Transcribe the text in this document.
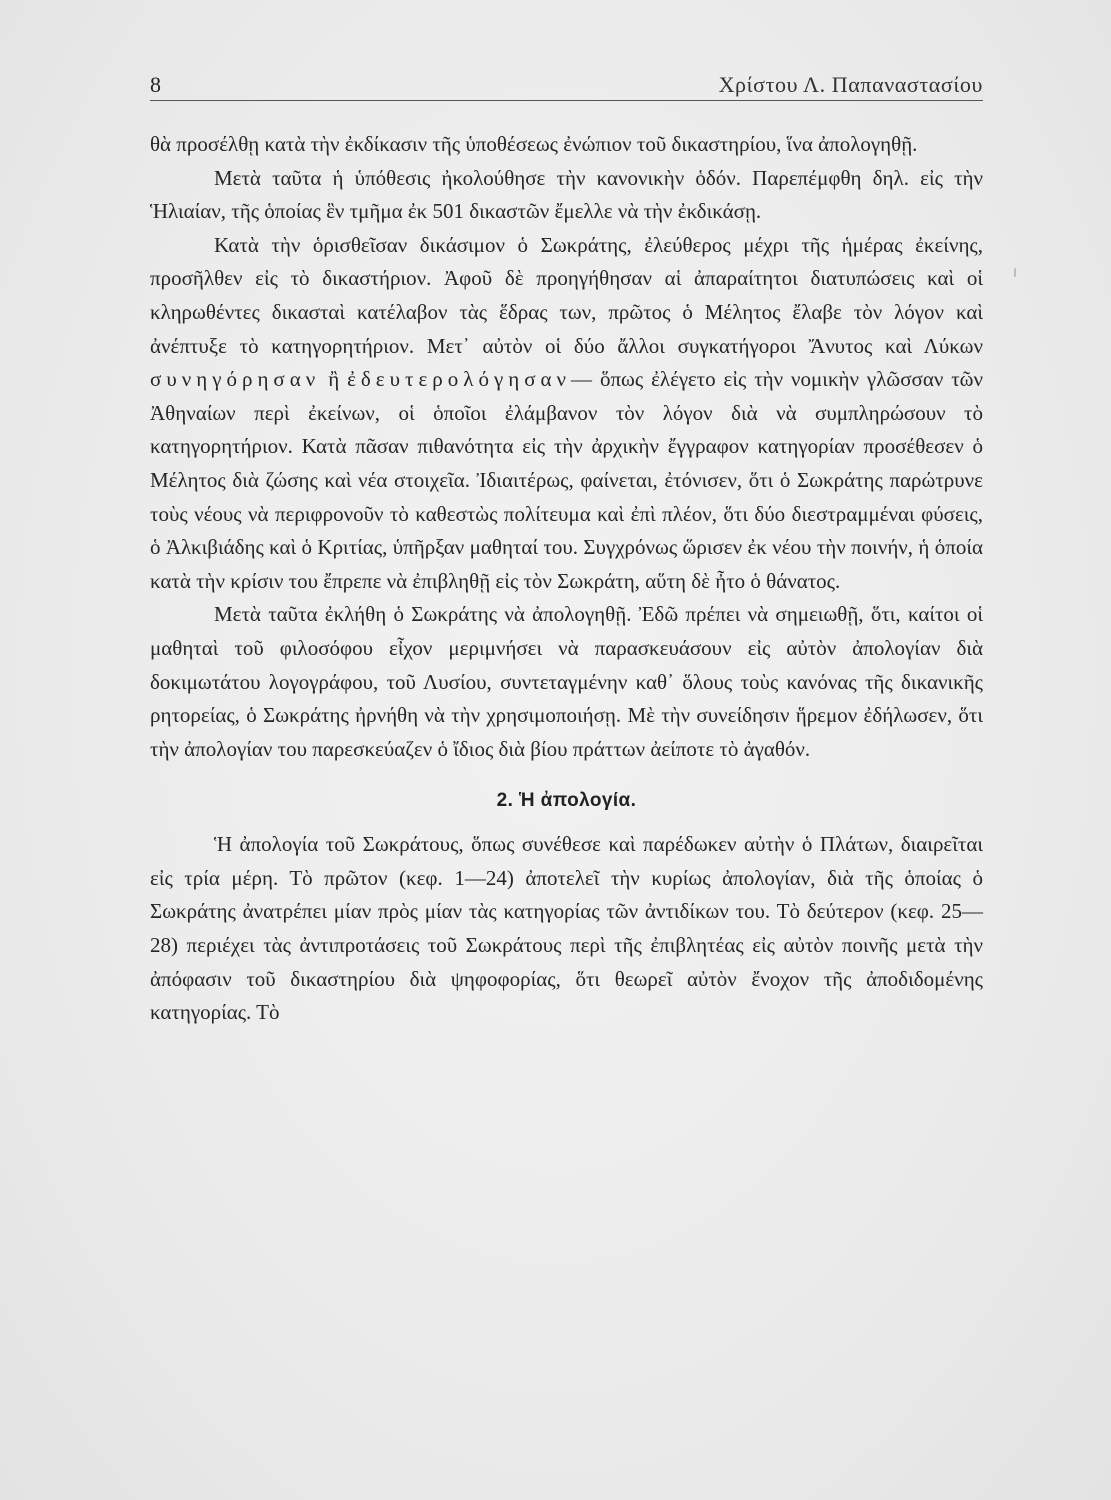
8	Χρίστου Λ. Παπαναστασίου

θὰ προσέλθῃ κατὰ τὴν ἐκδίκασιν τῆς ὑποθέσεως ἐνώπιον τοῦ δικαστηρίου, ἵνα ἀπολογηθῇ.

Μετὰ ταῦτα ἡ ὑπόθεσις ἠκολούθησε τὴν κανονικὴν ὁδόν. Παρεπέμφθη δηλ. εἰς τὴν Ἡλιαίαν, τῆς ὁποίας ἓν τμῆμα ἐκ 501 δικαστῶν ἔμελλε νὰ τὴν ἐκδικάσῃ.

Κατὰ τὴν ὁρισθεῖσαν δικάσιμον ὁ Σωκράτης, ἐλεύθερος μέχρι τῆς ἡμέρας ἐκείνης, προσῆλθεν εἰς τὸ δικαστήριον. Ἀφοῦ δὲ προηγήθησαν αἱ ἀπαραίτητοι διατυπώσεις καὶ οἱ κληρωθέντες δικασταὶ κατέλαβον τὰς ἕδρας των, πρῶτος ὁ Μέλητος ἔλαβε τὸν λόγον καὶ ἀνέπτυξε τὸ κατηγορητήριον. Μετ᾿ αὐτὸν οἱ δύο ἄλλοι συγκατήγοροι Ἄνυτος καὶ Λύκων συνηγόρησαν ἢ ἐδευτερολόγησαν— ὅπως ἐλέγετο εἰς τὴν νομικὴν γλῶσσαν τῶν Ἀθηναίων περὶ ἐκείνων, οἱ ὁποῖοι ἐλάμβανον τὸν λόγον διὰ νὰ συμπληρώσουν τὸ κατηγορητήριον. Κατὰ πᾶσαν πιθανότητα εἰς τὴν ἀρχικὴν ἔγγραφον κατηγορίαν προσέθεσεν ὁ Μέλητος διὰ ζώσης καὶ νέα στοιχεῖα. Ἰδιαιτέρως, φαίνεται, ἐτόνισεν, ὅτι ὁ Σωκράτης παρώτρυνε τοὺς νέους νὰ περιφρονοῦν τὸ καθεστὼς πολίτευμα καὶ ἐπὶ πλέον, ὅτι δύο διεστραμμέναι φύσεις, ὁ Ἀλκιβιάδης καὶ ὁ Κριτίας, ὑπῆρξαν μαθηταί του. Συγχρόνως ὥρισεν ἐκ νέου τὴν ποινήν, ἡ ὁποία κατὰ τὴν κρίσιν του ἔπρεπε νὰ ἐπιβληθῇ εἰς τὸν Σωκράτη, αὕτη δὲ ἦτο ὁ θάνατος.

Μετὰ ταῦτα ἐκλήθη ὁ Σωκράτης νὰ ἀπολογηθῇ. Ἐδῶ πρέπει νὰ σημειωθῇ, ὅτι, καίτοι οἱ μαθηταὶ τοῦ φιλοσόφου εἶχον μεριμνήσει νὰ παρασκευάσουν εἰς αὐτὸν ἀπολογίαν διὰ δοκιμωτάτου λογογράφου, τοῦ Λυσίου, συντεταγμένην καθ᾿ ὅλους τοὺς κανόνας τῆς δικανικῆς ρητορείας, ὁ Σωκράτης ἠρνήθη νὰ τὴν χρησιμοποιήσῃ. Μὲ τὴν συνείδησιν ἥρεμον ἐδήλωσεν, ὅτι τὴν ἀπολογίαν του παρεσκεύαζεν ὁ ἴδιος διὰ βίου πράττων ἀείποτε τὸ ἀγαθόν.

2. Ἡ ἀπολογία.

Ἡ ἀπολογία τοῦ Σωκράτους, ὅπως συνέθεσε καὶ παρέδωκεν αὐτὴν ὁ Πλάτων, διαιρεῖται εἰς τρία μέρη. Τὸ πρῶτον (κεφ. 1—24) ἀποτελεῖ τὴν κυρίως ἀπολογίαν, διὰ τῆς ὁποίας ὁ Σωκράτης ἀνατρέπει μίαν πρὸς μίαν τὰς κατηγορίας τῶν ἀντιδίκων του. Τὸ δεύτερον (κεφ. 25—28) περιέχει τὰς ἀντιπροτάσεις τοῦ Σωκράτους περὶ τῆς ἐπιβλητέας εἰς αὐτὸν ποινῆς μετὰ τὴν ἀπόφασιν τοῦ δικαστηρίου διὰ ψηφοφορίας, ὅτι θεωρεῖ αὐτὸν ἔνοχον τῆς ἀποδιδομένης κατηγορίας. Τὸ
